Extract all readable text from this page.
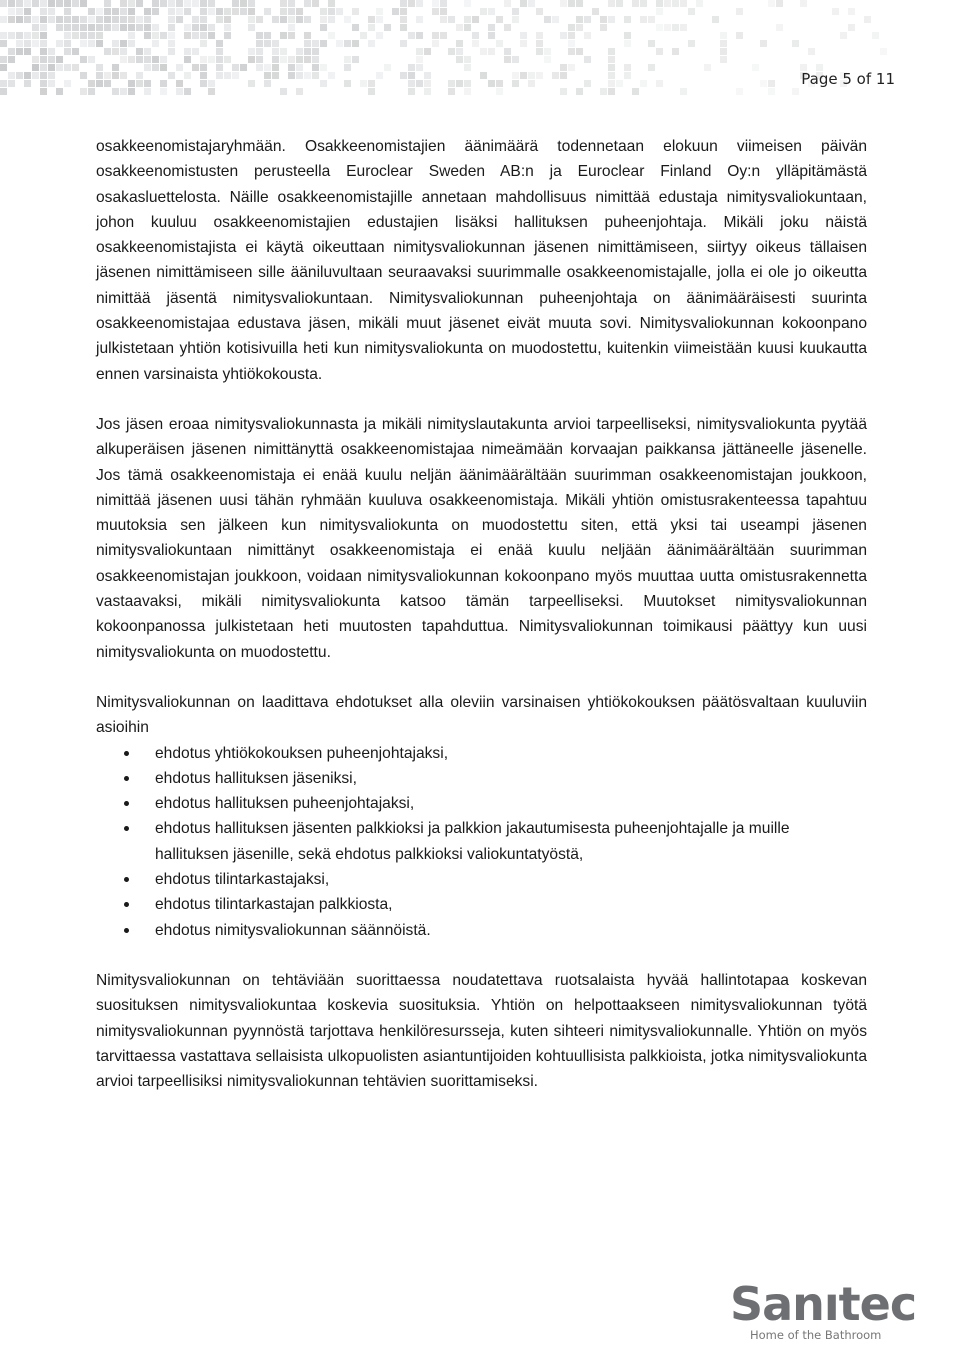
Page 5 of 11

osakkeenomistajaryhmään. Osakkeenomistajien äänimäärä todennetaan elokuun viimeisen päivän osakkeenomistusten perusteella Euroclear Sweden AB:n ja Euroclear Finland Oy:n ylläpitämästä osakasluettelosta. Näille osakkeenomistajille annetaan mahdollisuus nimittää edustaja nimitysvaliokuntaan, johon kuuluu osakkeenomistajien edustajien lisäksi hallituksen puheenjohtaja. Mikäli joku näistä osakkeenomistajista ei käytä oikeuttaan nimitysvaliokunnan jäsenen nimittämiseen, siirtyy oikeus tällaisen jäsenen nimittämiseen sille ääniluvultaan seuraavaksi suurimmalle osakkeenomistajalle, jolla ei ole jo oikeutta nimittää jäsentä nimitysvaliokuntaan. Nimitysvaliokunnan puheenjohtaja on äänimääräisesti suurinta osakkeenomistajaa edustava jäsen, mikäli muut jäsenet eivät muuta sovi. Nimitysvaliokunnan kokoonpano julkistetaan yhtiön kotisivuilla heti kun nimitysvaliokunta on muodostettu, kuitenkin viimeistään kuusi kuukautta ennen varsinaista yhtiökokousta.

Jos jäsen eroaa nimitysvaliokunnasta ja mikäli nimityslautakunta arvioi tarpeelliseksi, nimitysvaliokunta pyytää alkuperäisen jäsenen nimittänyttä osakkeenomistajaa nimeämään korvaajan paikkansa jättäneelle jäsenelle. Jos tämä osakkeenomistaja ei enää kuulu neljän äänimäärältään suurimman osakkeenomistajan joukkoon, nimittää jäsenen uusi tähän ryhmään kuuluva osakkeenomistaja. Mikäli yhtiön omistusrakenteessa tapahtuu muutoksia sen jälkeen kun nimitysvaliokunta on muodostettu siten, että yksi tai useampi jäsenen nimitysvaliokuntaan nimittänyt osakkeenomistaja ei enää kuulu neljään äänimäärältään suurimman osakkeenomistajan joukkoon, voidaan nimitysvaliokunnan kokoonpano myös muuttaa uutta omistusrakennetta vastaavaksi, mikäli nimitysvaliokunta katsoo tämän tarpeelliseksi. Muutokset nimitysvaliokunnan kokoonpanossa julkistetaan heti muutosten tapahduttua. Nimitysvaliokunnan toimikausi päättyy kun uusi nimitysvaliokunta on muodostettu.

Nimitysvaliokunnan on laadittava ehdotukset alla oleviin varsinaisen yhtiökokouksen päätösvaltaan kuuluviin asioihin

ehdotus yhtiökokouksen puheenjohtajaksi,
ehdotus hallituksen jäseniksi,
ehdotus hallituksen puheenjohtajaksi,
ehdotus hallituksen jäsenten palkkioksi ja palkkion jakautumisesta puheenjohtajalle ja muille hallituksen jäsenille, sekä ehdotus palkkioksi valiokuntatyöstä,
ehdotus tilintarkastajaksi,
ehdotus tilintarkastajan palkkiosta,
ehdotus nimitysvaliokunnan säännöistä.

Nimitysvaliokunnan on tehtäviään suorittaessa noudatettava ruotsalaista hyvää hallintotapaa koskevan suosituksen nimitysvaliokuntaa koskevia suosituksia. Yhtiön on helpottaakseen nimitysvaliokunnan työtä nimitysvaliokunnan pyynnöstä tarjottava henkilöresursseja, kuten sihteeri nimitysvaliokunnalle. Yhtiön on myös tarvittaessa vastattava sellaisista ulkopuolisten asiantuntijoiden kohtuullisista palkkioista, jotka nimitysvaliokunta arvioi tarpeellisiksi nimitysvaliokunnan tehtävien suorittamiseksi.

Sanıtec
Home of the Bathroom
